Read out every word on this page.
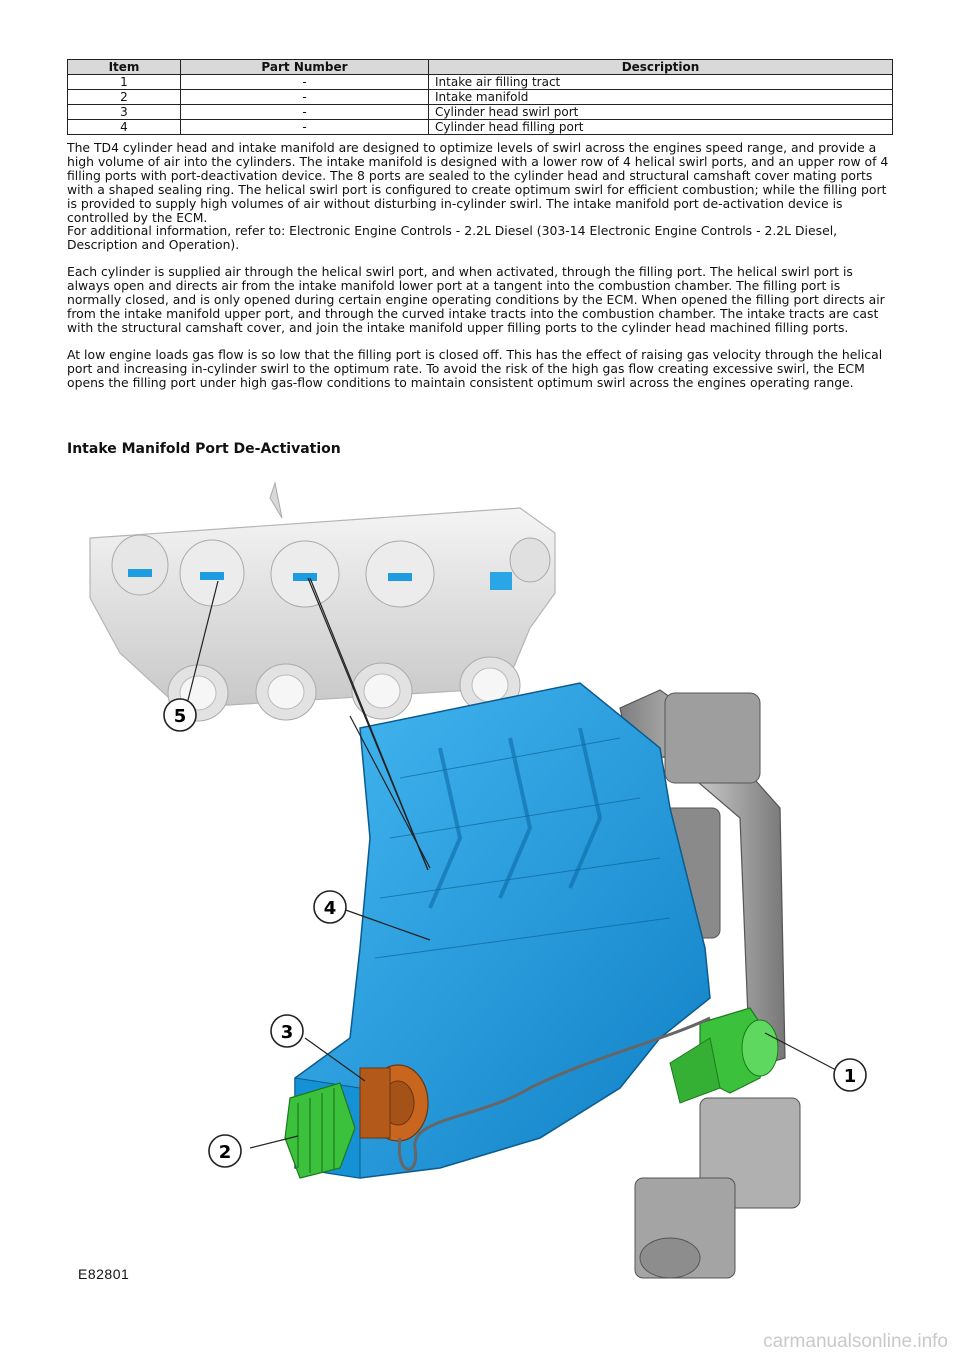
Item	Part Number	Description
1	-	Intake air filling tract
2	-	Intake manifold
3	-	Cylinder head swirl port
4	-	Cylinder head filling port

The TD4 cylinder head and intake manifold are designed to optimize levels of swirl across the engines speed range, and provide a high volume of air into the cylinders. The intake manifold is designed with a lower row of 4 helical swirl ports, and an upper row of 4 filling ports with port-deactivation device. The 8 ports are sealed to the cylinder head and structural camshaft cover mating ports with a shaped sealing ring. The helical swirl port is configured to create optimum swirl for efficient combustion; while the filling port is provided to supply high volumes of air without disturbing in-cylinder swirl. The intake manifold port de-activation device is controlled by the ECM.

For additional information, refer to: Electronic Engine Controls - 2.2L Diesel (303-14 Electronic Engine Controls - 2.2L Diesel, Description and Operation).

Each cylinder is supplied air through the helical swirl port, and when activated, through the filling port. The helical swirl port is always open and directs air from the intake manifold lower port at a tangent into the combustion chamber. The filling port is normally closed, and is only opened during certain engine operating conditions by the ECM. When opened the filling port directs air from the intake manifold upper port, and through the curved intake tracts into the combustion chamber. The intake tracts are cast with the structural camshaft cover, and join the intake manifold upper filling ports to the cylinder head machined filling ports.

At low engine loads gas flow is so low that the filling port is closed off. This has the effect of raising gas velocity through the helical port and increasing in-cylinder swirl to the optimum rate. To avoid the risk of the high gas flow creating excessive swirl, the ECM opens the filling port under high gas-flow conditions to maintain consistent optimum swirl across the engines operating range.

Intake Manifold Port De-Activation
5
4
3
2
1
E82801
carmanualsonline.info
